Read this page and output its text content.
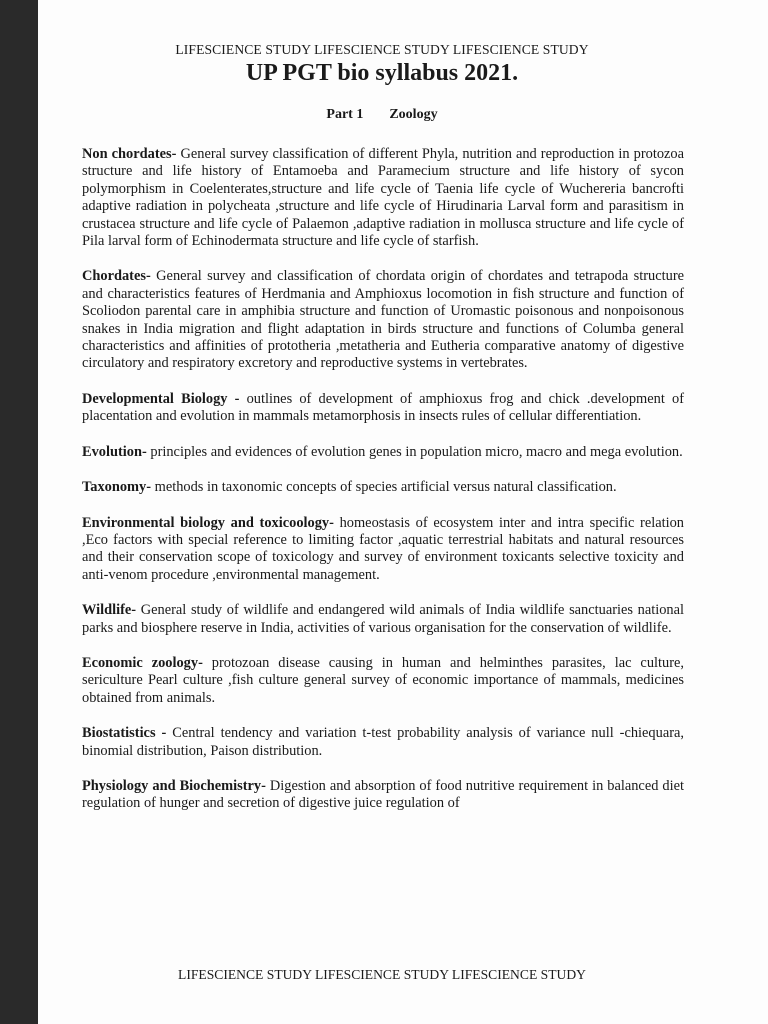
LIFESCIENCE STUDY LIFESCIENCE STUDY LIFESCIENCE STUDY
UP PGT bio syllabus 2021.
Part 1 Zoology

Non chordates- General survey classification of different Phyla, nutrition and reproduction in protozoa structure and life history of Entamoeba and Paramecium structure and life history of sycon polymorphism in Coelenterates,structure and life cycle of Taenia life cycle of Wuchereria bancrofti adaptive radiation in polycheata ,structure and life cycle of Hirudinaria Larval form and parasitism in crustacea structure and life cycle of Palaemon ,adaptive radiation in mollusca structure and life cycle of Pila larval form of Echinodermata structure and life cycle of starfish.

Chordates- General survey and classification of chordata origin of chordates and tetrapoda structure and characteristics features of Herdmania and Amphioxus locomotion in fish structure and function of Scoliodon parental care in amphibia structure and function of Uromastic poisonous and nonpoisonous snakes in India migration and flight adaptation in birds structure and functions of Columba general characteristics and affinities of prototheria ,metatheria and Eutheria comparative anatomy of digestive circulatory and respiratory excretory and reproductive systems in vertebrates.

Developmental Biology - outlines of development of amphioxus frog and chick .development of placentation and evolution in mammals metamorphosis in insects rules of cellular differentiation.

Evolution- principles and evidences of evolution genes in population micro, macro and mega evolution.

Taxonomy- methods in taxonomic concepts of species artificial versus natural classification.

Environmental biology and toxicoology- homeostasis of ecosystem inter and intra specific relation ,Eco factors with special reference to limiting factor ,aquatic terrestrial habitats and natural resources and their conservation scope of toxicology and survey of environment toxicants selective toxicity and anti-venom procedure ,environmental management.

Wildlife- General study of wildlife and endangered wild animals of India wildlife sanctuaries national parks and biosphere reserve in India, activities of various organisation for the conservation of wildlife.

Economic zoology- protozoan disease causing in human and helminthes parasites, lac culture, sericulture Pearl culture ,fish culture general survey of economic importance of mammals, medicines obtained from animals.

Biostatistics - Central tendency and variation t-test probability analysis of variance null -chiequara, binomial distribution, Paison distribution.

Physiology and Biochemistry- Digestion and absorption of food nutritive requirement in balanced diet regulation of hunger and secretion of digestive juice regulation of

LIFESCIENCE STUDY LIFESCIENCE STUDY LIFESCIENCE STUDY
